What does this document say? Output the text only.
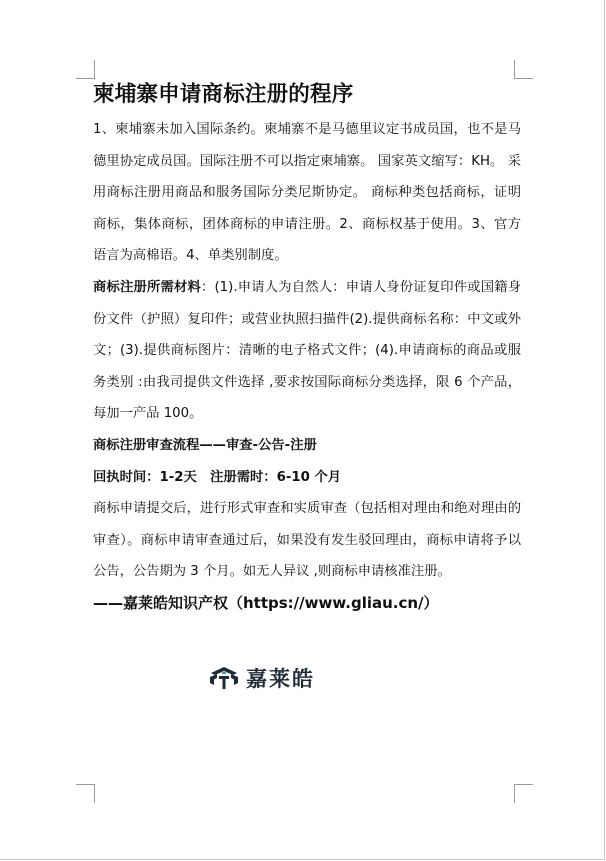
柬埔寨申请商标注册的程序

1、柬埔寨未加入国际条约。柬埔寨不是马德里议定书成员国，也不是马德里协定成员国。国际注册不可以指定柬埔寨。 国家英文缩写：KH。 采用商标注册用商品和服务国际分类尼斯协定。 商标种类包括商标，证明商标，集体商标，团体商标的申请注册。2、商标权基于使用。3、官方语言为高棉语。4、单类别制度。

商标注册所需材料：(1).申请人为自然人：申请人身份证复印件或国籍身份文件（护照）复印件；或营业执照扫描件(2).提供商标名称：中文或外文；(3).提供商标图片：清晰的电子格式文件；(4).申请商标的商品或服务类别 :由我司提供文件选择 ,要求按国际商标分类选择，限 6 个产品，每加一产品 100。

商标注册审查流程——审查-公告-注册

回执时间：1-2天　注册需时：6-10 个月

商标申请提交后，进行形式审查和实质审查（包括相对理由和绝对理由的审查）。商标申请审查通过后，如果没有发生驳回理由，商标申请将予以公告，公告期为 3 个月。如无人异议 ,则商标申请核准注册。

——嘉莱皓知识产权（https://www.gliau.cn/）

嘉莱皓
